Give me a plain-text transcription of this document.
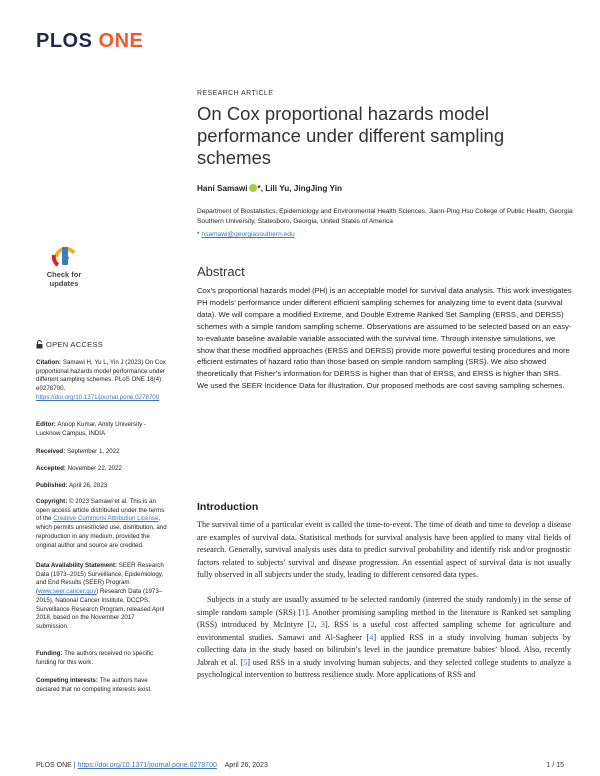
PLOS ONE
RESEARCH ARTICLE
On Cox proportional hazards model performance under different sampling schemes
Hani Samawi *, Lili Yu, JingJing Yin
Department of Biostatistics, Epidemiology and Environmental Health Sciences, Jiann-Ping Hsu College of Public Health, Georgia Southern University, Statesboro, Georgia, United States of America
* hsamawi@georgiasouthern.edu
Check for
updates
Abstract
Cox’s proportional hazards model (PH) is an acceptable model for survival data analysis. This work investigates PH models’ performance under different efficient sampling schemes for analyzing time to event data (survival data). We will compare a modified Extreme, and Double Extreme Ranked Set Sampling (ERSS, and DERSS) schemes with a simple random sampling scheme. Observations are assumed to be selected based on an easy-to-evaluate baseline available variable associated with the survival time. Through intensive simulations, we show that these modified approaches (ERSS and DERSS) provide more powerful testing procedures and more efficient estimates of hazard ratio than those based on simple random sampling (SRS). We also showed theoretically that Fisher’s information for DERSS is higher than that of ERSS, and ERSS is higher than SRS. We used the SEER Incidence Data for illustration. Our proposed methods are cost saving sampling schemes.
OPEN ACCESS
Citation: Samawi H, Yu L, Yin J (2023) On Cox proportional hazards model performance under different sampling schemes. PLoS ONE 18(4): e0278700. https://doi.org/10.1371/journal.pone.0278700
Editor: Anoop Kumar, Amity University - Lucknow Campus, INDIA
Received: September 1, 2022
Accepted: November 22, 2022
Published: April 26, 2023
Copyright: © 2023 Samawi et al. This is an open access article distributed under the terms of the Creative Commons Attribution License, which permits unrestricted use, distribution, and reproduction in any medium, provided the original author and source are credited.
Data Availability Statement: SEER Research Data (1973–2015) Surveillance, Epidemiology, and End Results (SEER) Program (www.seer.cancer.gov) Research Data (1973–2015), National Cancer Institute, DCCPS, Surveillance Research Program, released April 2018, based on the November 2017 submission.
Funding: The authors received no specific funding for this work.
Competing interests: The authors have declared that no competing interests exist.
Introduction
The survival time of a particular event is called the time-to-event. The time of death and time to develop a disease are examples of survival data. Statistical methods for survival analysis have been applied to many vital fields of research. Generally, survival analysis uses data to predict survival probability and identify risk and/or prognostic factors related to subjects’ survival and disease progression. An essential aspect of survival data is not usually fully observed in all subjects under the study, leading to different censored data types.
Subjects in a study are usually assumed to be selected randomly (interred the study randomly) in the sense of simple random sample (SRS) [1]. Another promising sampling method in the literature is Ranked set sampling (RSS) introduced by McIntyre [2, 3]. RSS is a useful cost affected sampling scheme for agriculture and environmental studies. Samawi and Al-Sagheer [4] applied RSS in a study involving human subjects by collecting data in the study based on bilirubin’s level in the jaundice premature babies’ blood. Also, recently Jabrah et al. [5] used RSS in a study involving human subjects, and they selected college students to analyze a psychological intervention to buttress resilience study. More applications of RSS and
PLOS ONE | https://doi.org/10.1371/journal.pone.0278700 April 26, 2023	1 / 15
